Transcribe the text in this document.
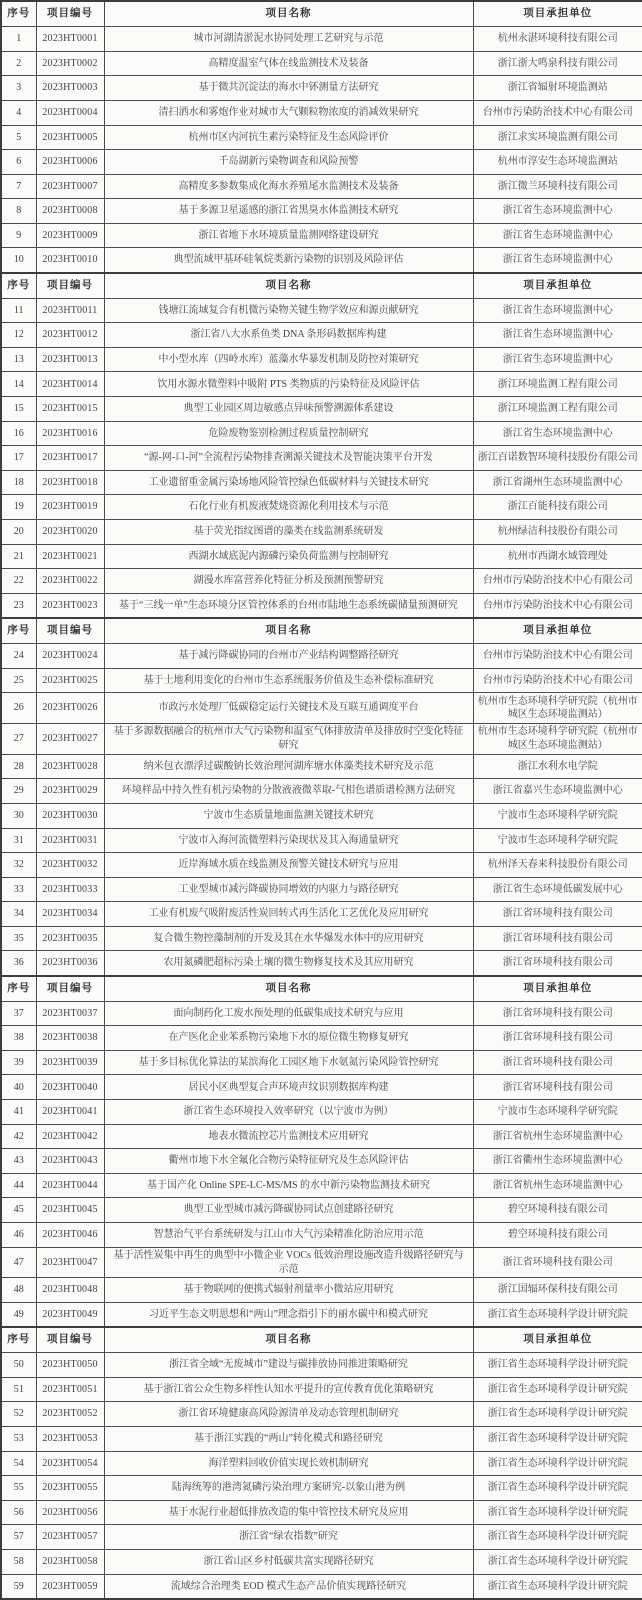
序号	项目编号	项目名称	项目承担单位
1	2023HT0001	城市河湖清淤泥水协同处理工艺研究与示范	杭州永湛环境科技有限公司
2	2023HT0002	高精度温室气体在线监测技术及装备	浙江浙大鸣泉科技有限公司
3	2023HT0003	基于微共沉淀法的海水中钚测量方法研究	浙江省辐射环境监测站
4	2023HT0004	清扫洒水和雾炮作业对城市大气颗粒物浓度的消减效果研究	台州市污染防治技术中心有限公司
5	2023HT0005	杭州市区内河抗生素污染特征及生态风险评价	浙江求实环境监测有限公司
6	2023HT0006	千岛湖新污染物调查和风险预警	杭州市淳安生态环境监测站
7	2023HT0007	高精度多参数集成化海水养殖尾水监测技术及装备	浙江微兰环境科技有限公司
8	2023HT0008	基于多源卫星遥感的浙江省黑臭水体监测技术研究	浙江省生态环境监测中心
9	2023HT0009	浙江省地下水环境质量监测网络建设研究	浙江省生态环境监测中心
10	2023HT0010	典型流域甲基环硅氧烷类新污染物的识别及风险评估	浙江省生态环境监测中心
序号	项目编号	项目名称	项目承担单位
11	2023HT0011	钱塘江流域复合有机微污染物关键生物学效应和源贡献研究	浙江省生态环境监测中心
12	2023HT0012	浙江省八大水系鱼类 DNA 条形码数据库构建	浙江省生态环境监测中心
13	2023HT0013	中小型水库（四岭水库）蓝藻水华暴发机制及防控对策研究	浙江省生态环境监测中心
14	2023HT0014	饮用水源水微塑料中吸附 PTS 类物质的污染特征及风险评估	浙江环境监测工程有限公司
15	2023HT0015	典型工业园区周边敏感点异味预警溯源体系建设	浙江环境监测工程有限公司
16	2023HT0016	危险废物鉴别检测过程质量控制研究	浙江省生态环境监测中心
17	2023HT0017	“源-网-口-河”全流程污染物排查溯源关键技术及智能决策平台开发	浙江百诺数智环境科技股份有限公司
18	2023HT0018	工业遗留重金属污染场地风险管控绿色低碳材料与关键技术研究	浙江省湖州生态环境监测中心
19	2023HT0019	石化行业有机废液焚烧资源化利用技术与示范	浙江百能科技有限公司
20	2023HT0020	基于荧光指纹图谱的藻类在线监测系统研发	杭州绿洁科技股份有限公司
21	2023HT0021	西湖水域底泥内源磷污染负荷监测与控制研究	杭州市西湖水域管理处
22	2023HT0022	湖漫水库富营养化特征分析及预测预警研究	台州市污染防治技术中心有限公司
23	2023HT0023	基于“三线一单”生态环境分区管控体系的台州市陆地生态系统碳储量预测研究	台州市污染防治技术中心有限公司
序号	项目编号	项目名称	项目承担单位
24	2023HT0024	基于减污降碳协同的台州市产业结构调整路径研究	台州市污染防治技术中心有限公司
25	2023HT0025	基于土地利用变化的台州市生态系统服务价值及生态补偿标准研究	台州市污染防治技术中心有限公司
26	2023HT0026	市政污水处理厂低碳稳定运行关键技术及互联互通调度平台	杭州市生态环境科学研究院（杭州市城区生态环境监测站）
27	2023HT0027	基于多源数据融合的杭州市大气污染物和温室气体排放清单及排放时空变化特征研究	杭州市生态环境科学研究院（杭州市城区生态环境监测站）
28	2023HT0028	纳米包衣漂浮过碳酸钠长效治理河湖库塘水体藻类技术研究及示范	浙江水利水电学院
29	2023HT0029	环境样品中持久性有机污染物的分散液液微萃取-气相色谱质谱检测方法研究	浙江省嘉兴生态环境监测中心
30	2023HT0030	宁波市生态质量地面监测关键技术研究	宁波市生态环境科学研究院
31	2023HT0031	宁波市入海河流微塑料污染现状及其入海通量研究	宁波市生态环境科学研究院
32	2023HT0032	近岸海域水质在线监测及预警关键技术研究与应用	杭州泽天春来科技股份有限公司
33	2023HT0033	工业型城市减污降碳协同增效的内驱力与路径研究	浙江省生态环境低碳发展中心
34	2023HT0034	工业有机废气吸附废活性炭回转式再生活化工艺优化及应用研究	浙江省环境科技有限公司
35	2023HT0035	复合微生物控藻制剂的开发及其在水华爆发水体中的应用研究	浙江省环境科技有限公司
36	2023HT0036	农用氮磷肥超标污染土壤的微生物修复技术及其应用研究	浙江省环境科技有限公司
序号	项目编号	项目名称	项目承担单位
37	2023HT0037	面向制药化工废水预处理的低碳集成技术研究与应用	浙江省环境科技有限公司
38	2023HT0038	在产医化企业苯系物污染地下水的原位微生物修复研究	浙江省环境科技有限公司
39	2023HT0039	基于多目标优化算法的某滨海化工园区地下水氨氮污染风险管控研究	浙江省环境科技有限公司
40	2023HT0040	居民小区典型复合声环境声纹识别数据库构建	浙江省环境科技有限公司
41	2023HT0041	浙江省生态环境投入效率研究（以宁波市为例）	宁波市生态环境科学研究院
42	2023HT0042	地表水微流控芯片监测技术应用研究	浙江省杭州生态环境监测中心
43	2023HT0043	衢州市地下水全氟化合物污染特征研究及生态风险评估	浙江省衢州生态环境监测中心
44	2023HT0044	基于国产化 Online SPE-LC-MS/MS 的水中新污染物监测技术研究	浙江省杭州生态环境监测中心
45	2023HT0045	典型工业型城市减污降碳协同试点创建路径研究	碧空环境科技有限公司
46	2023HT0046	智慧治气平台系统研发与江山市大气污染精准化防治应用示范	碧空环境科技有限公司
47	2023HT0047	基于活性炭集中再生的典型中小微企业 VOCs 低效治理设施改造升级路径研究与示范	浙江省环境科技有限公司
48	2023HT0048	基于物联网的便携式辐射剂量率小微站应用研究	浙江国辐环保科技有限公司
49	2023HT0049	习近平生态文明思想和“两山”理念指引下的丽水碳中和模式研究	浙江省生态环境科学设计研究院
序号	项目编号	项目名称	项目承担单位
50	2023HT0050	浙江省全域“无废城市”建设与碳排放协同推进策略研究	浙江省生态环境科学设计研究院
51	2023HT0051	基于浙江省公众生物多样性认知水平提升的宣传教育优化策略研究	浙江省生态环境科学设计研究院
52	2023HT0052	浙江省环境健康高风险源清单及动态管理机制研究	浙江省生态环境科学设计研究院
53	2023HT0053	基于浙江实践的“两山”转化模式和路径研究	浙江省生态环境科学设计研究院
54	2023HT0054	海洋塑料回收价值实现长效机制研究	浙江省生态环境科学设计研究院
55	2023HT0055	陆海统筹的港湾氮磷污染治理方案研究-以象山港为例	浙江省生态环境科学设计研究院
56	2023HT0056	基于水泥行业超低排放改造的集中管控技术研究及应用	浙江省生态环境科学设计研究院
57	2023HT0057	浙江省“绿农指数”研究	浙江省生态环境科学设计研究院
58	2023HT0058	浙江省山区乡村低碳共富实现路径研究	浙江省生态环境科学设计研究院
59	2023HT0059	流域综合治理类 EOD 模式生态产品价值实现路径研究	浙江省生态环境科学设计研究院
